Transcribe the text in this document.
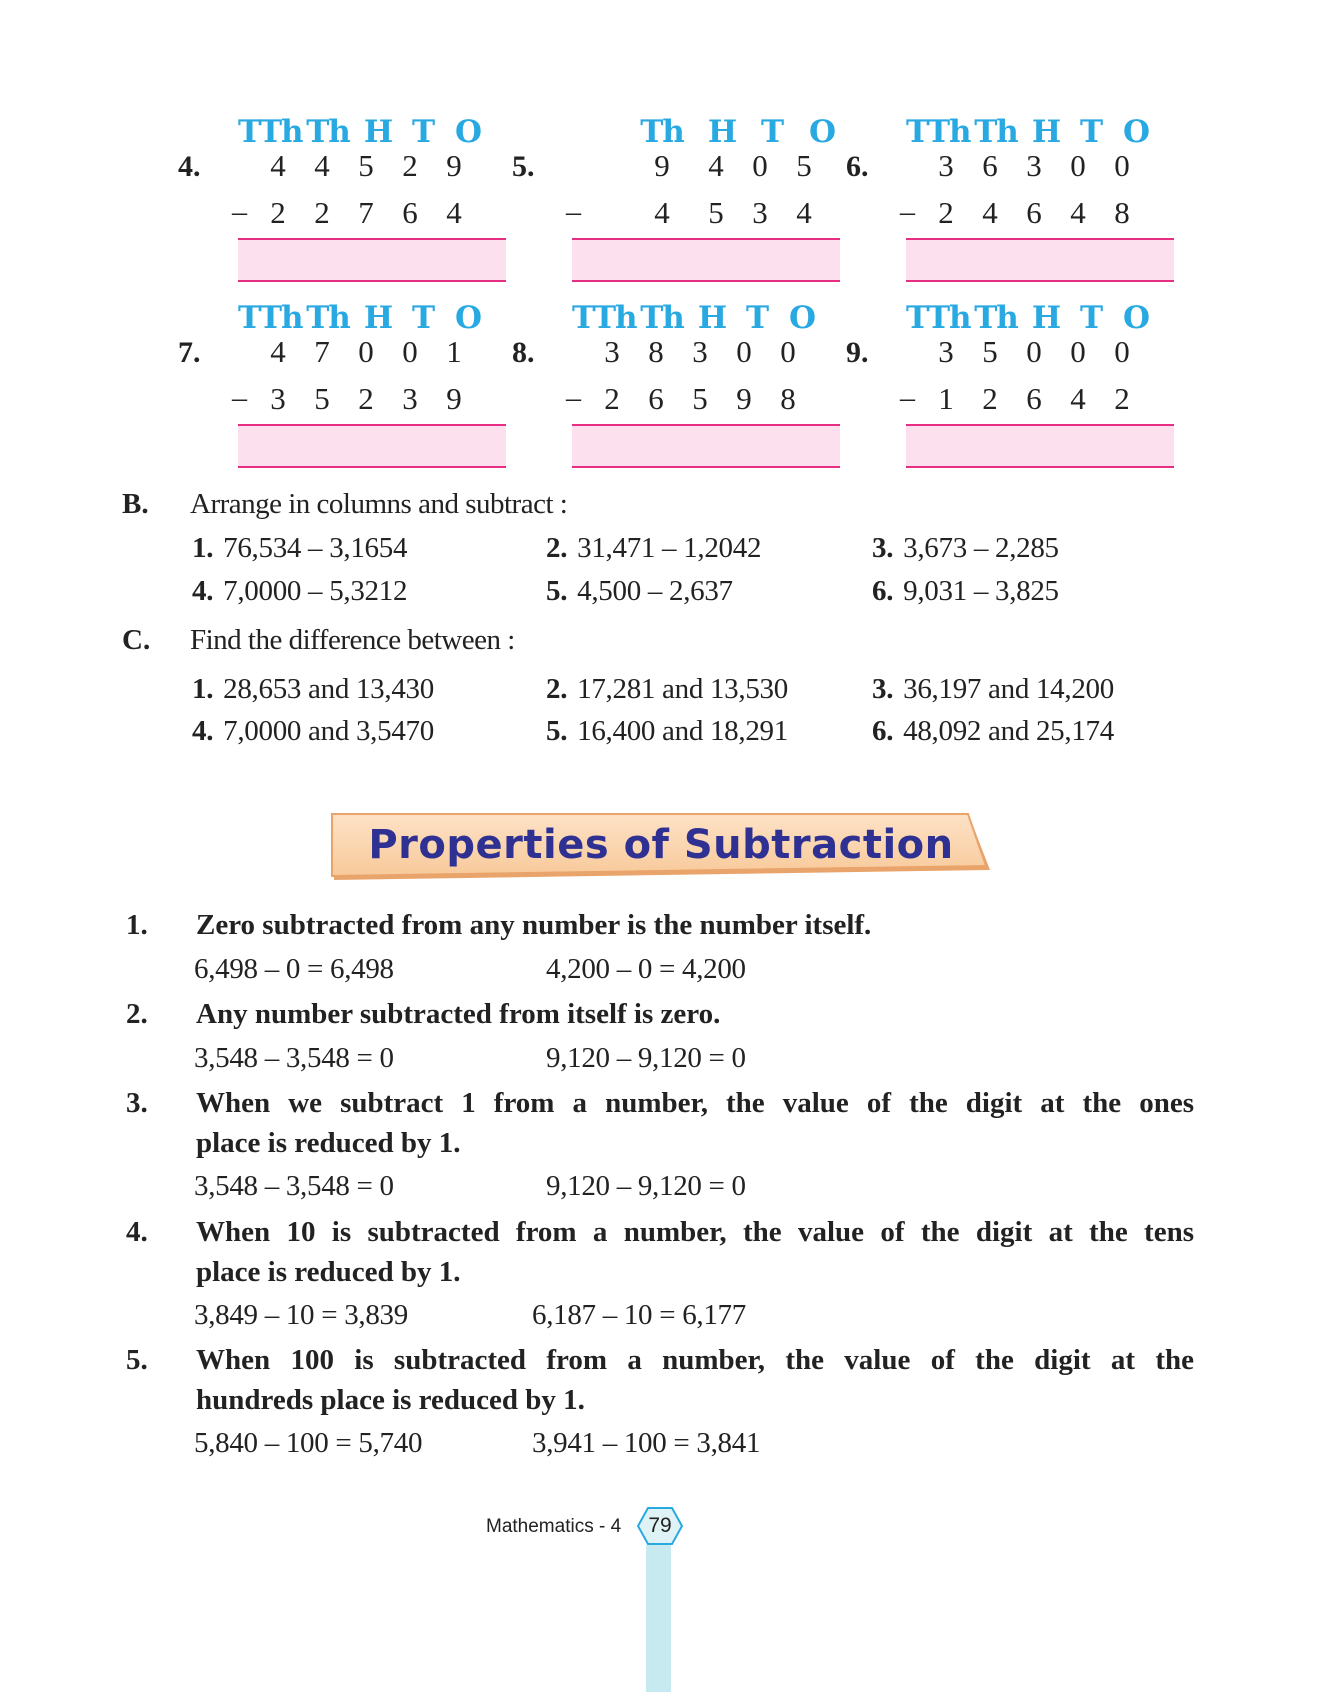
4.
TTh Th H T O
4 4 5 2 9
– 2 2 7 6 4
5.
Th H T O
9	4 0 5
–	4	5 3 4
6.
TTh Th H T O
3 6 3 0 0
– 2 4 6 4 8
7.
TTh Th H T O
4 7 0 0 1
– 3 5 2 3 9
8.
TTh Th H T O
3 8 3 0 0
– 2 6 5 9 8
9.
TTh Th H T O
3 5 0 0 0
– 1 2 6 4 2
B. Arrange in columns and subtract :
1. 76,534 – 3,1654	2. 31,471 – 1,2042	3. 3,673 – 2,285
4. 7,0000 – 5,3212	5. 4,500 – 2,637	6. 9,031 – 3,825
C. Find the difference between :
1. 28,653 and 13,430	2. 17,281 and 13,530	3. 36,197 and 14,200
4. 7,0000 and 3,5470	5. 16,400 and 18,291	6. 48,092 and 25,174
Properties of Subtraction
1. Zero subtracted from any number is the number itself.
6,498 – 0 = 6,498	4,200 – 0 = 4,200
2. Any number subtracted from itself is zero.
3,548 – 3,548 = 0	9,120 – 9,120 = 0
3. When we subtract 1 from a number, the value of the digit at the ones
place is reduced by 1.
3,548 – 3,548 = 0	9,120 – 9,120 = 0
4. When 10 is subtracted from a number, the value of the digit at the tens
place is reduced by 1.
3,849 – 10 = 3,839	6,187 – 10 = 6,177
5. When 100 is subtracted from a number, the value of the digit at the
hundreds place is reduced by 1.
5,840 – 100 = 5,740	3,941 – 100 = 3,841
Mathematics - 4	79
